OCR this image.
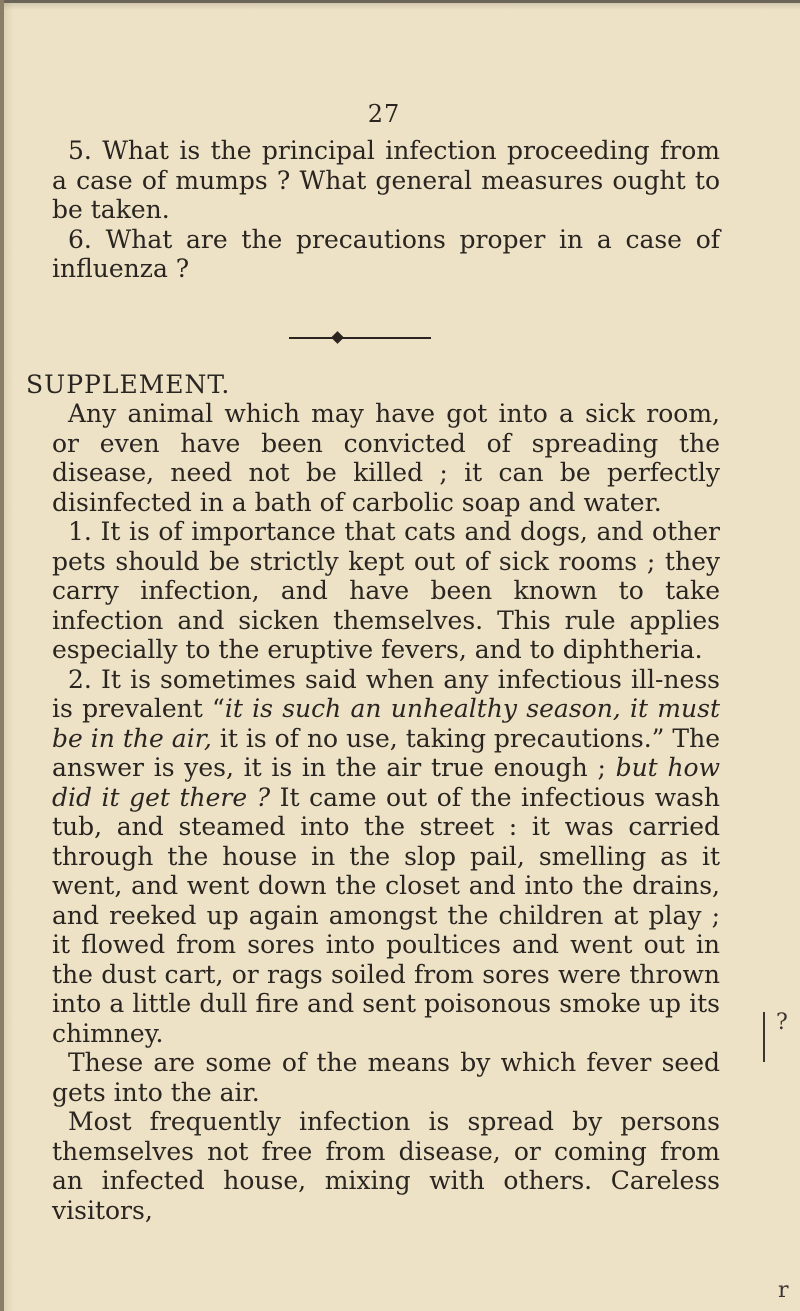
27

5. What is the principal infection proceeding from a case of mumps ? What general measures ought to be taken.

6. What are the precautions proper in a case of influenza ?

SUPPLEMENT.

Any animal which may have got into a sick room, or even have been convicted of spreading the disease, need not be killed ; it can be perfectly disinfected in a bath of carbolic soap and water.

1. It is of importance that cats and dogs, and other pets should be strictly kept out of sick rooms ; they carry infection, and have been known to take infection and sicken themselves. This rule applies especially to the eruptive fevers, and to diphtheria.

2. It is sometimes said when any infectious ill-ness is prevalent “it is such an unhealthy season, it must be in the air, it is of no use, taking precautions.” The answer is yes, it is in the air true enough ; but how did it get there ? It came out of the infectious wash tub, and steamed into the street : it was carried through the house in the slop pail, smelling as it went, and went down the closet and into the drains, and reeked up again amongst the children at play ; it flowed from sores into poultices and went out in the dust cart, or rags soiled from sores were thrown into a little dull fire and sent poisonous smoke up its chimney.

These are some of the means by which fever seed gets into the air.

Most frequently infection is spread by persons themselves not free from disease, or coming from an infected house, mixing with others. Careless visitors,

?
r
